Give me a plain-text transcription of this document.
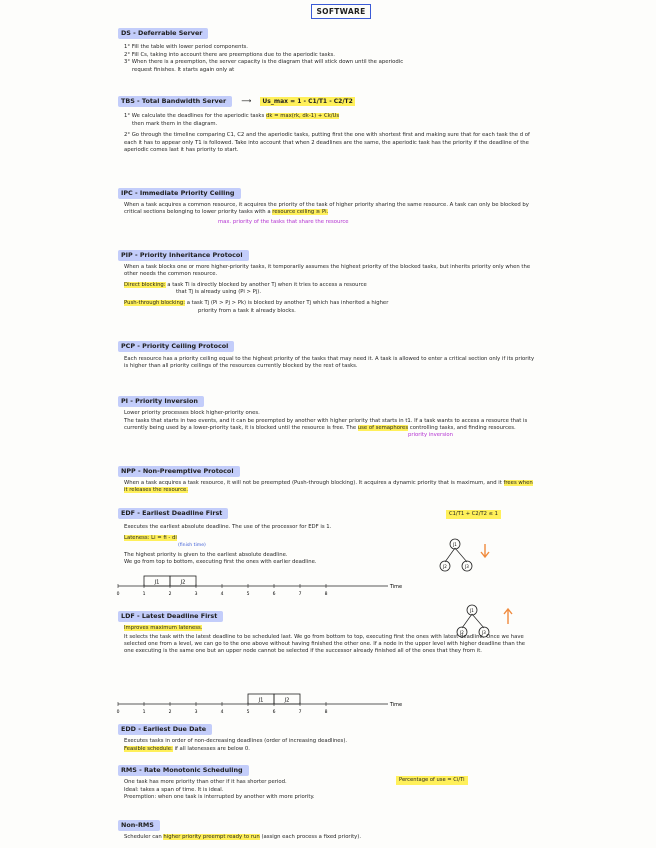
SOFTWARE
DS - Deferrable Server
1° Fill the table with lower period components.
2° Fill Cs, taking into account there are preemptions due to the aperiodic tasks.
3° When there is a preemption, the server capacity is the diagram that will stick down until the aperiodic
request finishes. It starts again only at
TBS - Total Bandwidth Server ⟶ Us_max = 1 - C1/T1 - C2/T2
1° We calculate the deadlines for the aperiodic tasks dk = max(rk, dk-1) + Ck/Us
then mark them in the diagram.
2° Go through the timeline comparing C1, C2 and the aperiodic tasks, putting first the one with shortest first and making sure that for each task the d of each it has to appear only T1 is followed. Take into account that when 2 deadlines are the same, the aperiodic task has the priority if the deadline of the aperiodic comes last it has priority to start.
IPC - Immediate Priority Ceiling
When a task acquires a common resource, it acquires the priority of the task of higher priority sharing the same resource. A task can only be blocked by critical sections belonging to lower priority tasks with a resource ceiling ≥ Pi.
max. priority of the tasks that share the resource
PIP - Priority Inheritance Protocol
When a task blocks one or more higher-priority tasks, it temporarily assumes the highest priority of the blocked tasks, but inherits priority only when the other needs the common resource.
Direct blocking: a task Ti is directly blocked by another Tj when it tries to access a resource
that Tj is already using (Pi > Pj).
Push-through blocking: a task Tj (Pi > Pj > Pk) is blocked by another Tj which has inherited a higher
priority from a task it already blocks.
PCP - Priority Ceiling Protocol
Each resource has a priority ceiling equal to the highest priority of the tasks that may need it. A task is allowed to enter a critical section only if its priority is higher than all priority ceilings of the resources currently blocked by the rest of tasks.
PI - Priority Inversion
Lower priority processes block higher-priority ones.
The tasks that starts in two events, and it can be preempted by another with higher priority that starts in t1. If a task wants to access a resource that is currently being used by a lower-priority task, it is blocked until the resource is free. The use of semaphores controlling tasks, and finding resources.
priority inversion
NPP - Non-Preemptive Protocol
When a task acquires a task resource, it will not be preempted (Push-through blocking). It acquires a dynamic priority that is maximum, and it frees when it releases the resource.
EDF - Earliest Deadline First
Executes the earliest absolute deadline. The use of the processor for EDF is 1.
Lateness: Li = fi - di
(finish time)
The highest priority is given to the earliest absolute deadline.
We go from top to bottom, executing first the ones with earlier deadline.
C1/T1 + C2/T2 ≤ 1
J1	J2
Time
0	1	2	3	4	5	6	7	8
J1
J2	J3
LDF - Latest Deadline First
Improves maximum lateness.
It selects the task with the latest deadline to be scheduled last. We go from bottom to top, executing first the ones with latest deadline. Once we have selected one from a level, we can go to the one above without having finished the other one. If a node in the upper level with higher deadline than the one executing is the same one but an upper node cannot be selected if the successor already finished all of the ones that they from it.
J1	J2
Time
0	1	2	3	4	5	6	7	8
J1
J2	J3
EDD - Earliest Due Date
Executes tasks in order of non-decreasing deadlines (order of increasing deadlines).
Feasible schedule: if all latenesses are below 0.
RMS - Rate Monotonic Scheduling
One task has more priority than other if it has shorter period.
Ideal: takes a span of time. It is ideal.
Preemption: when one task is interrupted by another with more priority.
Percentage of use = Ci/Ti
Non-RMS
Scheduler can higher priority preempt ready to run (assign each process a fixed priority).
